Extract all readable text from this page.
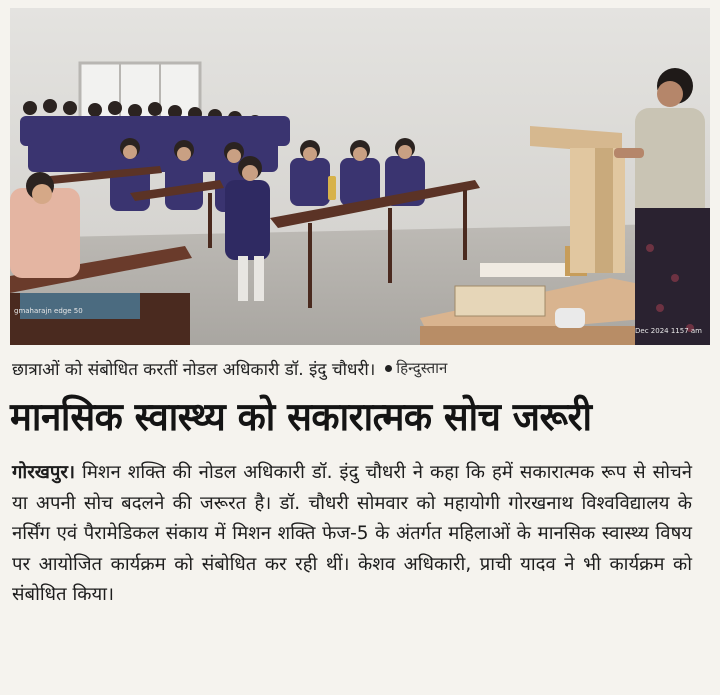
gmaharajn edge 50
Dec 2024 1157 am
छात्राओं को संबोधित करतीं नोडल अधिकारी डॉ. इंदु चौधरी। हिन्दुस्तान
मानसिक स्वास्थ्य को सकारात्मक सोच जरूरी
गोरखपुर। मिशन शक्ति की नोडल अधिकारी डॉ. इंदु चौधरी ने कहा कि हमें सकारात्मक रूप से सोचने या अपनी सोच बदलने की जरूरत है। डॉ. चौधरी सोमवार को महायोगी गोरखनाथ विश्वविद्यालय के नर्सिंग एवं पैरामेडिकल संकाय में मिशन शक्ति फेज-5 के अंतर्गत महिलाओं के मानसिक स्वास्थ्य विषय पर आयोजित कार्यक्रम को संबोधित कर रही थीं। केशव अधिकारी, प्राची यादव ने भी कार्यक्रम को संबोधित किया।
